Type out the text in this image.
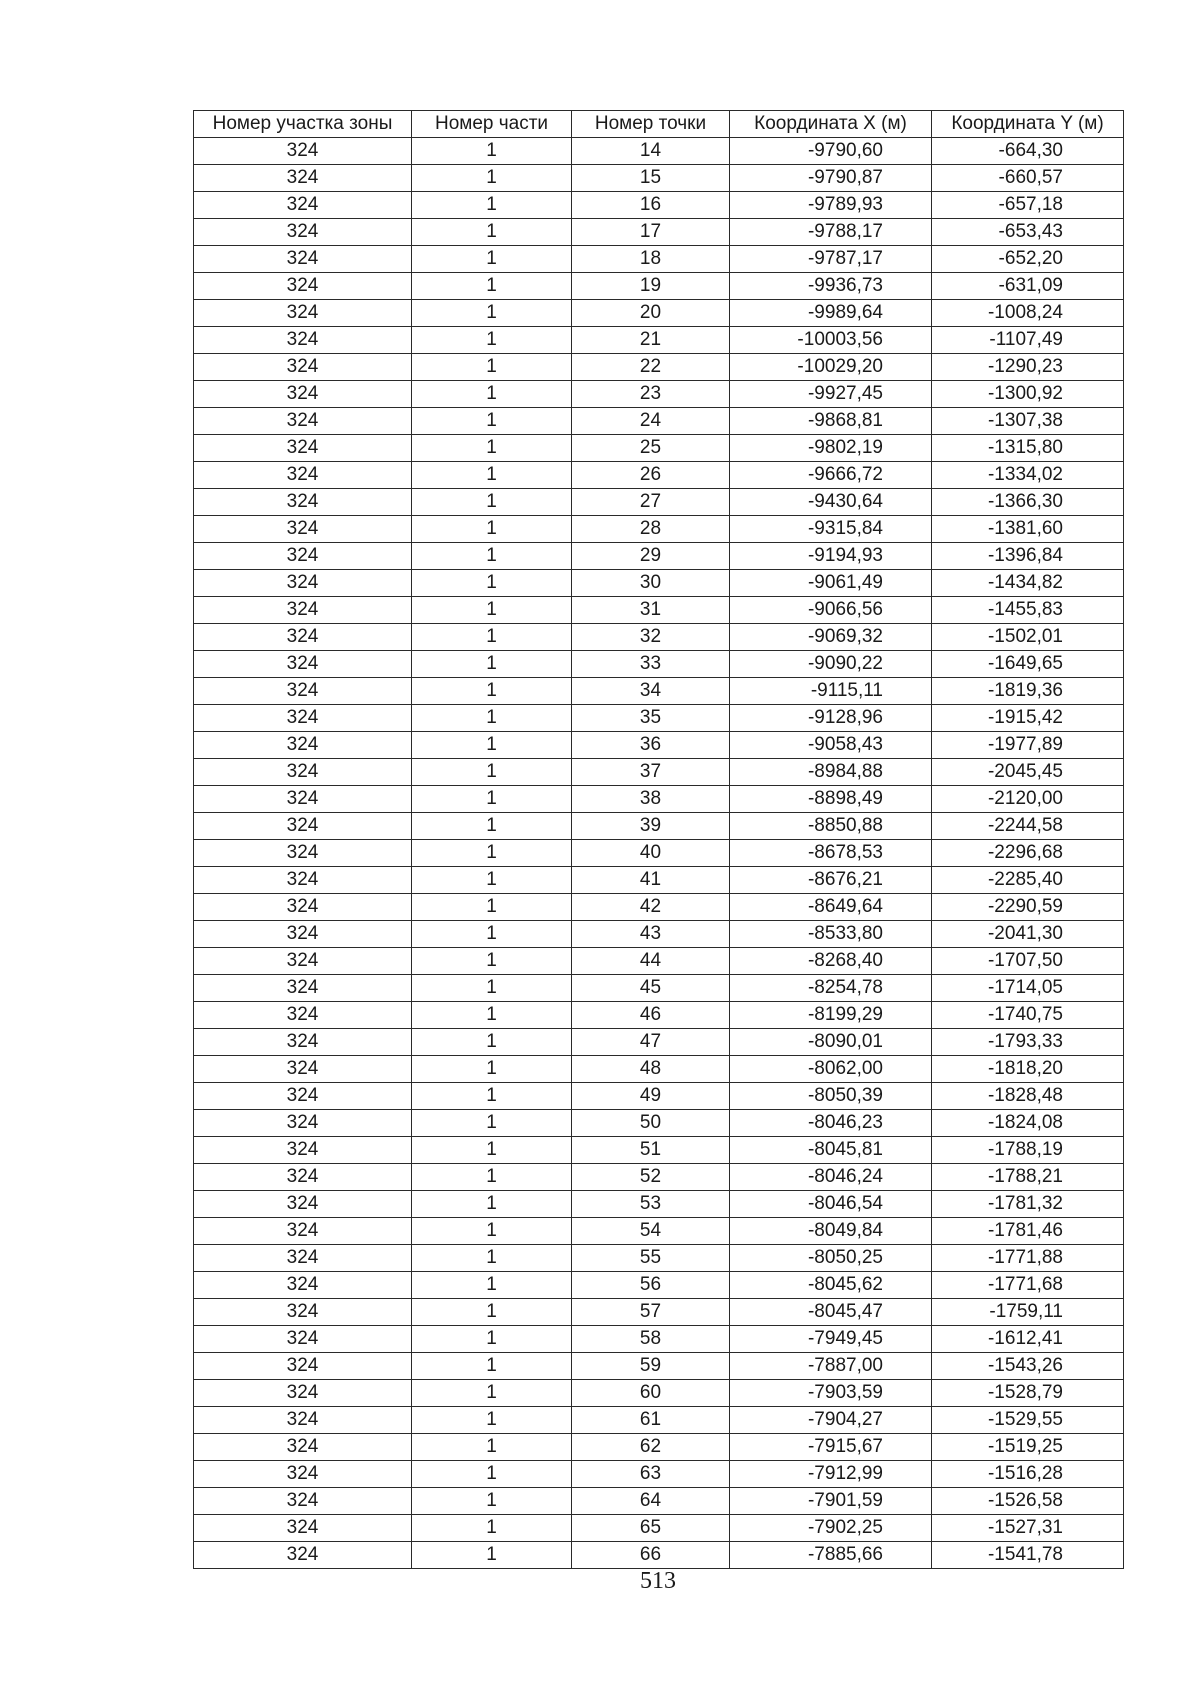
Номер участка зоны	Номер части	Номер точки	Координата X (м)	Координата Y (м)
324	1	14	-9790,60	-664,30
324	1	15	-9790,87	-660,57
324	1	16	-9789,93	-657,18
324	1	17	-9788,17	-653,43
324	1	18	-9787,17	-652,20
324	1	19	-9936,73	-631,09
324	1	20	-9989,64	-1008,24
324	1	21	-10003,56	-1107,49
324	1	22	-10029,20	-1290,23
324	1	23	-9927,45	-1300,92
324	1	24	-9868,81	-1307,38
324	1	25	-9802,19	-1315,80
324	1	26	-9666,72	-1334,02
324	1	27	-9430,64	-1366,30
324	1	28	-9315,84	-1381,60
324	1	29	-9194,93	-1396,84
324	1	30	-9061,49	-1434,82
324	1	31	-9066,56	-1455,83
324	1	32	-9069,32	-1502,01
324	1	33	-9090,22	-1649,65
324	1	34	-9115,11	-1819,36
324	1	35	-9128,96	-1915,42
324	1	36	-9058,43	-1977,89
324	1	37	-8984,88	-2045,45
324	1	38	-8898,49	-2120,00
324	1	39	-8850,88	-2244,58
324	1	40	-8678,53	-2296,68
324	1	41	-8676,21	-2285,40
324	1	42	-8649,64	-2290,59
324	1	43	-8533,80	-2041,30
324	1	44	-8268,40	-1707,50
324	1	45	-8254,78	-1714,05
324	1	46	-8199,29	-1740,75
324	1	47	-8090,01	-1793,33
324	1	48	-8062,00	-1818,20
324	1	49	-8050,39	-1828,48
324	1	50	-8046,23	-1824,08
324	1	51	-8045,81	-1788,19
324	1	52	-8046,24	-1788,21
324	1	53	-8046,54	-1781,32
324	1	54	-8049,84	-1781,46
324	1	55	-8050,25	-1771,88
324	1	56	-8045,62	-1771,68
324	1	57	-8045,47	-1759,11
324	1	58	-7949,45	-1612,41
324	1	59	-7887,00	-1543,26
324	1	60	-7903,59	-1528,79
324	1	61	-7904,27	-1529,55
324	1	62	-7915,67	-1519,25
324	1	63	-7912,99	-1516,28
324	1	64	-7901,59	-1526,58
324	1	65	-7902,25	-1527,31
324	1	66	-7885,66	-1541,78
513
